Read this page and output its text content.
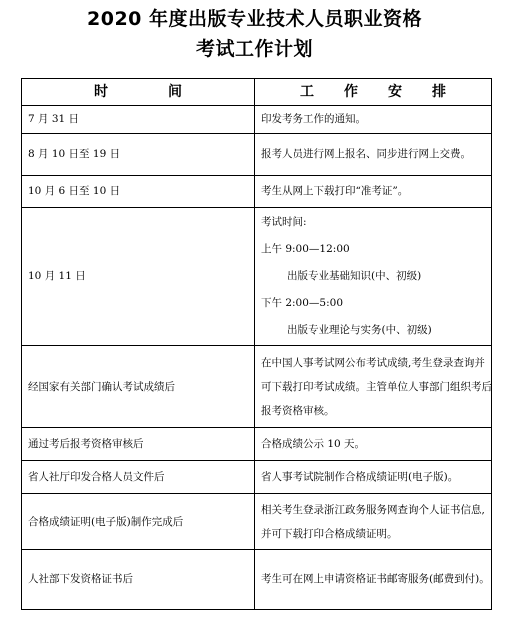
2020 年度出版专业技术人员职业资格
考试工作计划
时间	工作安排
7 月 31 日	印发考务工作的通知。

8 月 10 日至 19 日	报考人员进行网上报名、同步进行网上交费。

10 月 6 日至 10 日	考生从网上下载打印“准考证”。

10 月 11 日	考试时间:
上午 9:00—12:00
出版专业基础知识(中、初级)
下午 2:00—5:00
出版专业理论与实务(中、初级)

经国家有关部门确认考试成绩后	在中国人事考试网公布考试成绩,考生登录查询并
可下载打印考试成绩。主管单位人事部门组织考后
报考资格审核。

通过考后报考资格审核后	合格成绩公示 10 天。

省人社厅印发合格人员文件后	省人事考试院制作合格成绩证明(电子版)。

合格成绩证明(电子版)制作完成后	相关考生登录浙江政务服务网查询个人证书信息,
并可下载打印合格成绩证明。

人社部下发资格证书后	考生可在网上申请资格证书邮寄服务(邮费到付)。
